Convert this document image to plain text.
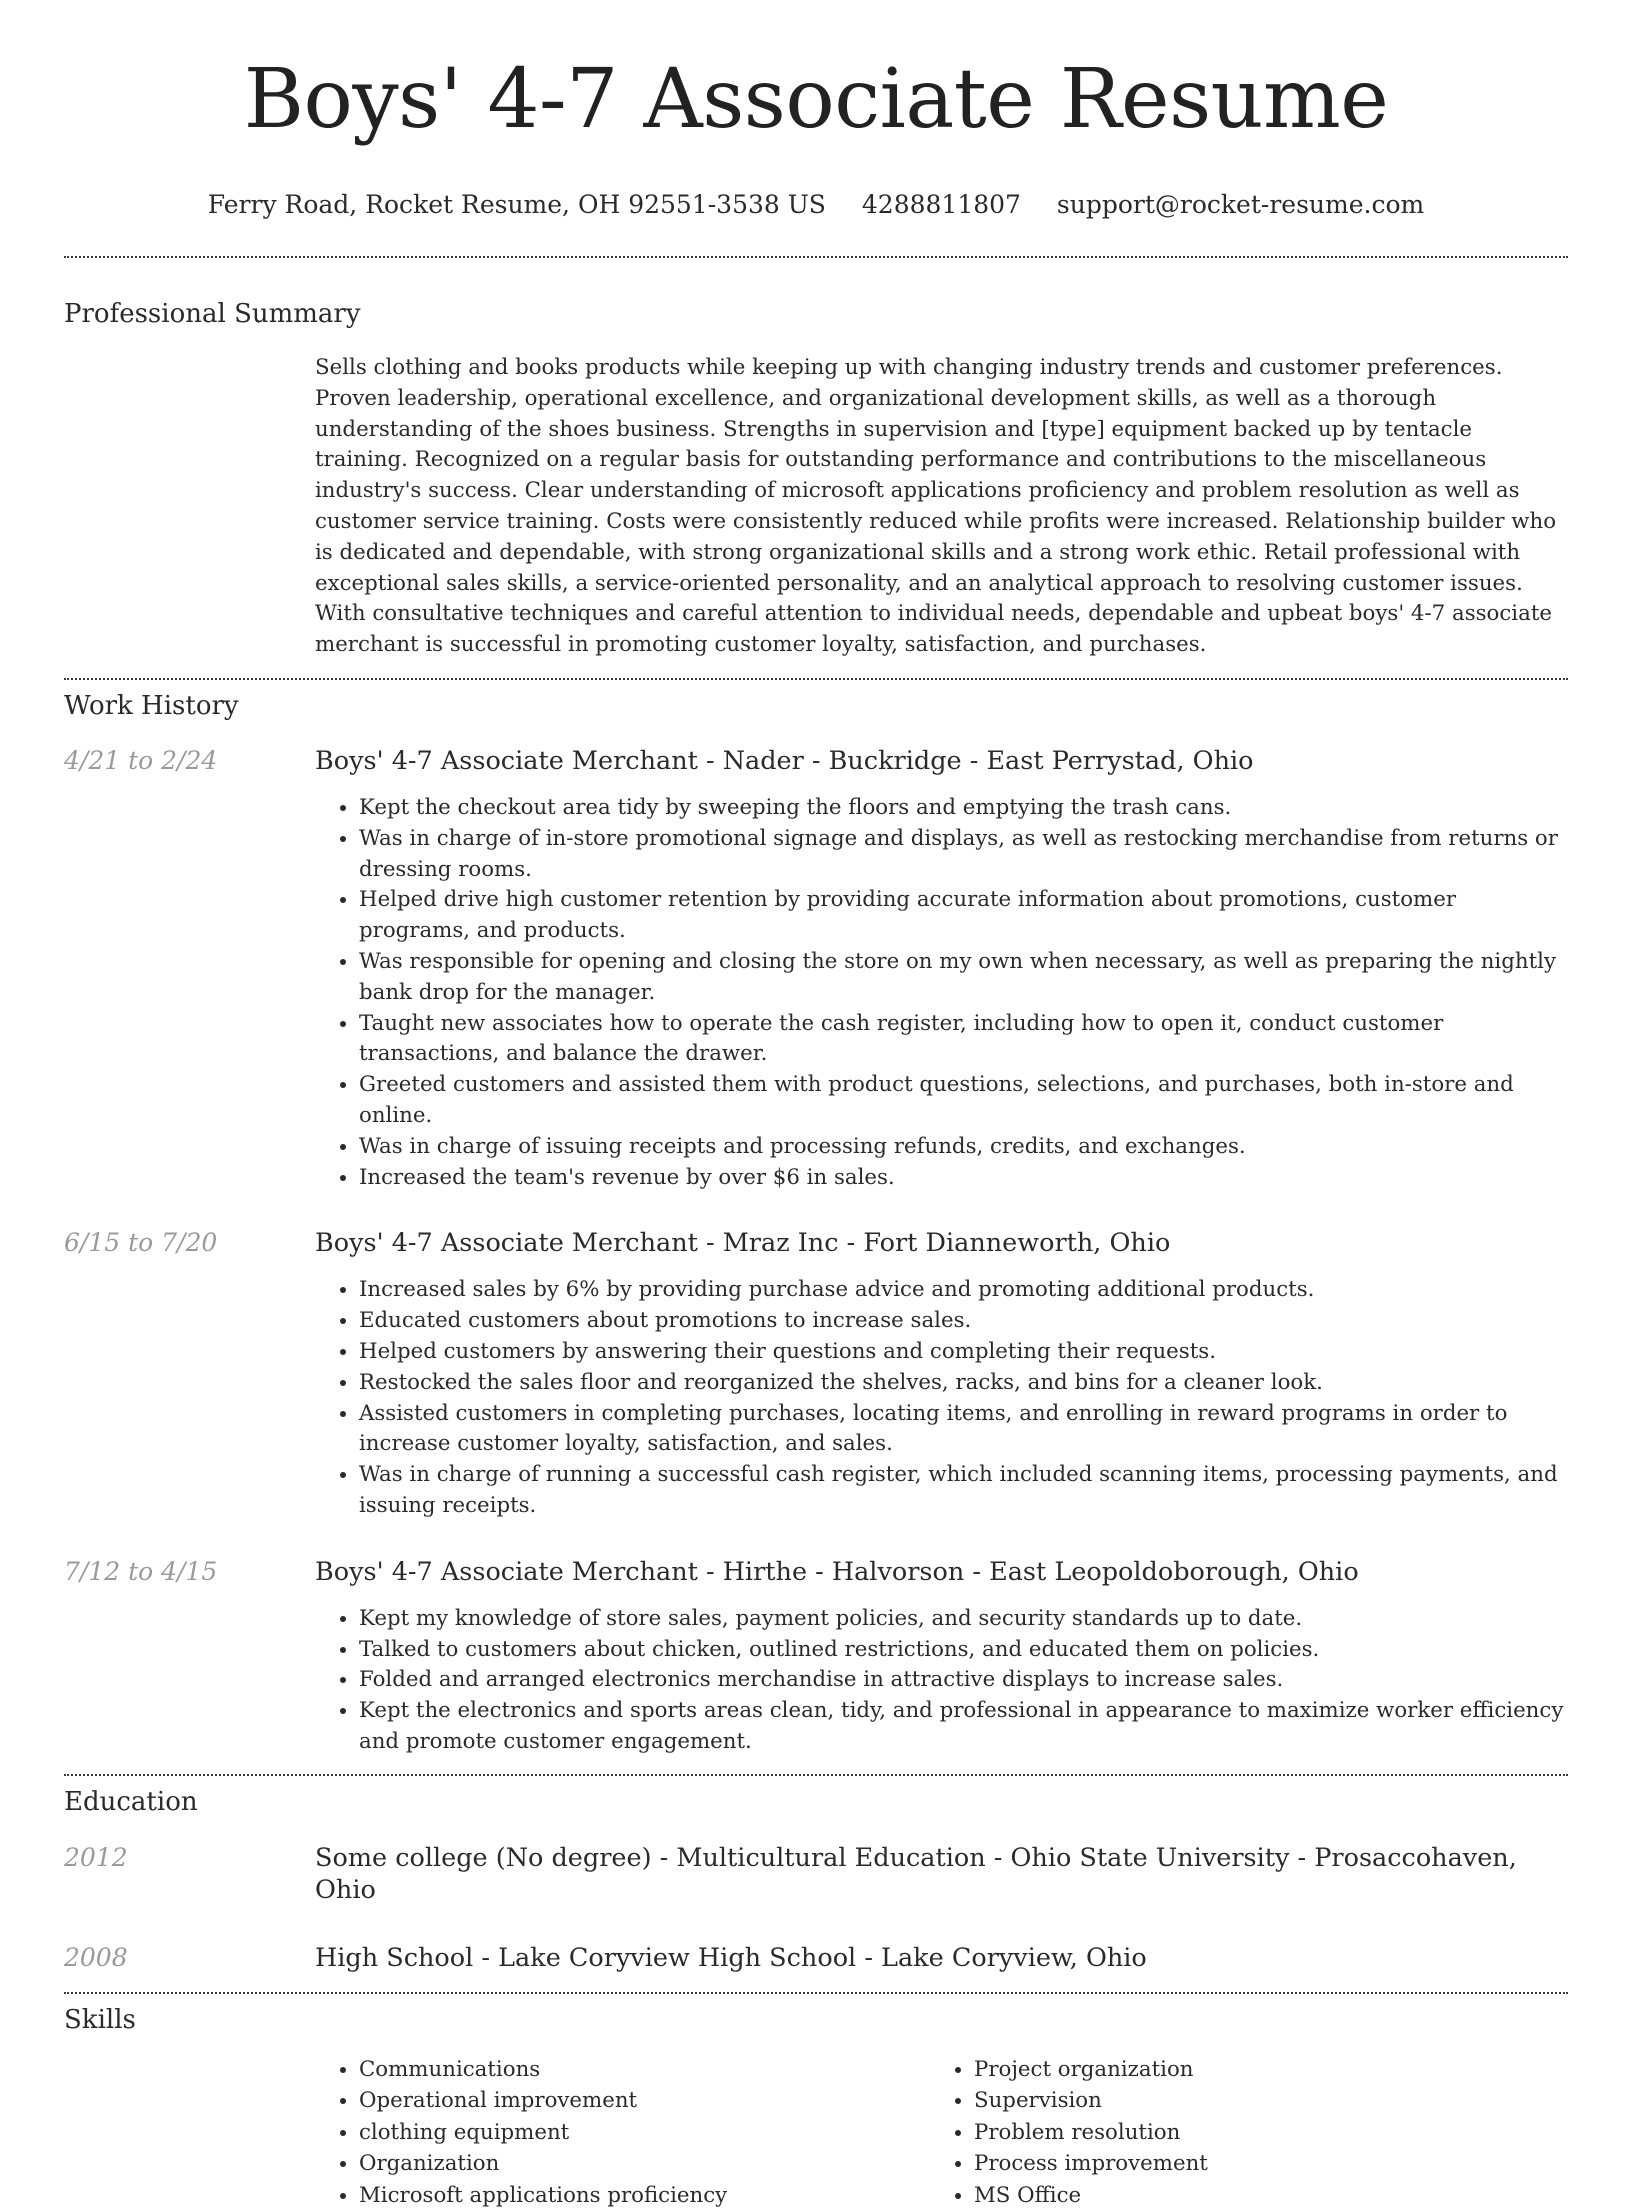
Boys' 4-7 Associate Resume
Ferry Road, Rocket Resume, OH 92551-3538 US 4288811807 support@rocket-resume.com
Professional Summary
Sells clothing and books products while keeping up with changing industry trends and customer preferences. Proven leadership, operational excellence, and organizational development skills, as well as a thorough understanding of the shoes business. Strengths in supervision and [type] equipment backed up by tentacle training. Recognized on a regular basis for outstanding performance and contributions to the miscellaneous industry's success. Clear understanding of microsoft applications proficiency and problem resolution as well as customer service training. Costs were consistently reduced while profits were increased. Relationship builder who is dedicated and dependable, with strong organizational skills and a strong work ethic. Retail professional with exceptional sales skills, a service-oriented personality, and an analytical approach to resolving customer issues. With consultative techniques and careful attention to individual needs, dependable and upbeat boys' 4-7 associate merchant is successful in promoting customer loyalty, satisfaction, and purchases.
Work History
4/21 to 2/24	Boys' 4-7 Associate Merchant - Nader - Buckridge - East Perrystad, Ohio
• Kept the checkout area tidy by sweeping the floors and emptying the trash cans.
• Was in charge of in-store promotional signage and displays, as well as restocking merchandise from returns or dressing rooms.
• Helped drive high customer retention by providing accurate information about promotions, customer programs, and products.
• Was responsible for opening and closing the store on my own when necessary, as well as preparing the nightly bank drop for the manager.
• Taught new associates how to operate the cash register, including how to open it, conduct customer transactions, and balance the drawer.
• Greeted customers and assisted them with product questions, selections, and purchases, both in-store and online.
• Was in charge of issuing receipts and processing refunds, credits, and exchanges.
• Increased the team's revenue by over $6 in sales.
6/15 to 7/20	Boys' 4-7 Associate Merchant - Mraz Inc - Fort Dianneworth, Ohio
• Increased sales by 6% by providing purchase advice and promoting additional products.
• Educated customers about promotions to increase sales.
• Helped customers by answering their questions and completing their requests.
• Restocked the sales floor and reorganized the shelves, racks, and bins for a cleaner look.
• Assisted customers in completing purchases, locating items, and enrolling in reward programs in order to increase customer loyalty, satisfaction, and sales.
• Was in charge of running a successful cash register, which included scanning items, processing payments, and issuing receipts.
7/12 to 4/15	Boys' 4-7 Associate Merchant - Hirthe - Halvorson - East Leopoldoborough, Ohio
• Kept my knowledge of store sales, payment policies, and security standards up to date.
• Talked to customers about chicken, outlined restrictions, and educated them on policies.
• Folded and arranged electronics merchandise in attractive displays to increase sales.
• Kept the electronics and sports areas clean, tidy, and professional in appearance to maximize worker efficiency and promote customer engagement.
Education
2012	Some college (No degree) - Multicultural Education - Ohio State University - Prosaccohaven, Ohio
2008	High School - Lake Coryview High School - Lake Coryview, Ohio
Skills
• Communications
• Operational improvement
• clothing equipment
• Organization
• Microsoft applications proficiency
• Project organization
• Supervision
• Problem resolution
• Process improvement
• MS Office
